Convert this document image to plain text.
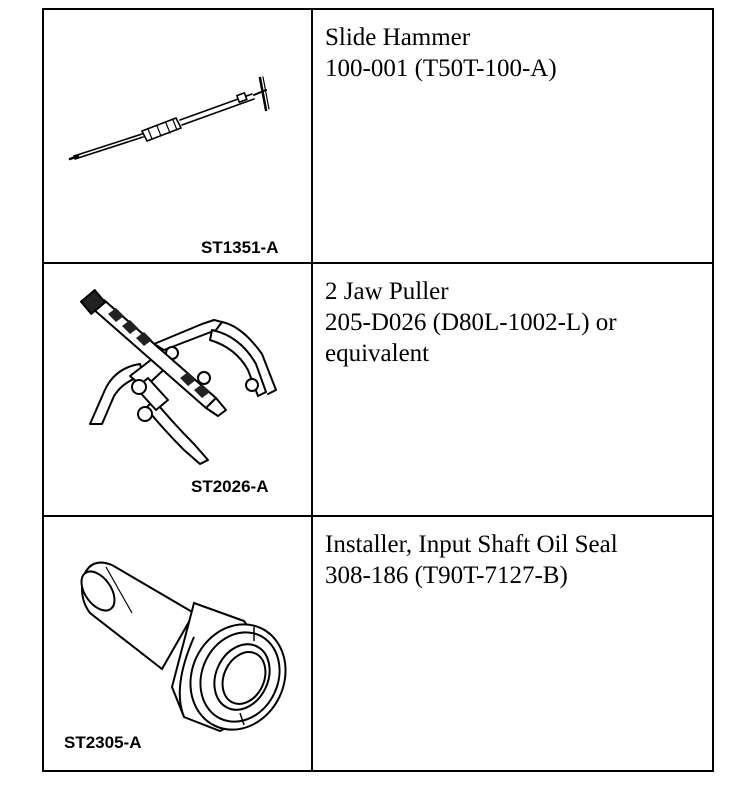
ST1351-A
Slide Hammer
100-001 (T50T-100-A)
ST2026-A
2 Jaw Puller
205-D026 (D80L-1002-L) or
equivalent
ST2305-A
Installer, Input Shaft Oil Seal
308-186 (T90T-7127-B)
